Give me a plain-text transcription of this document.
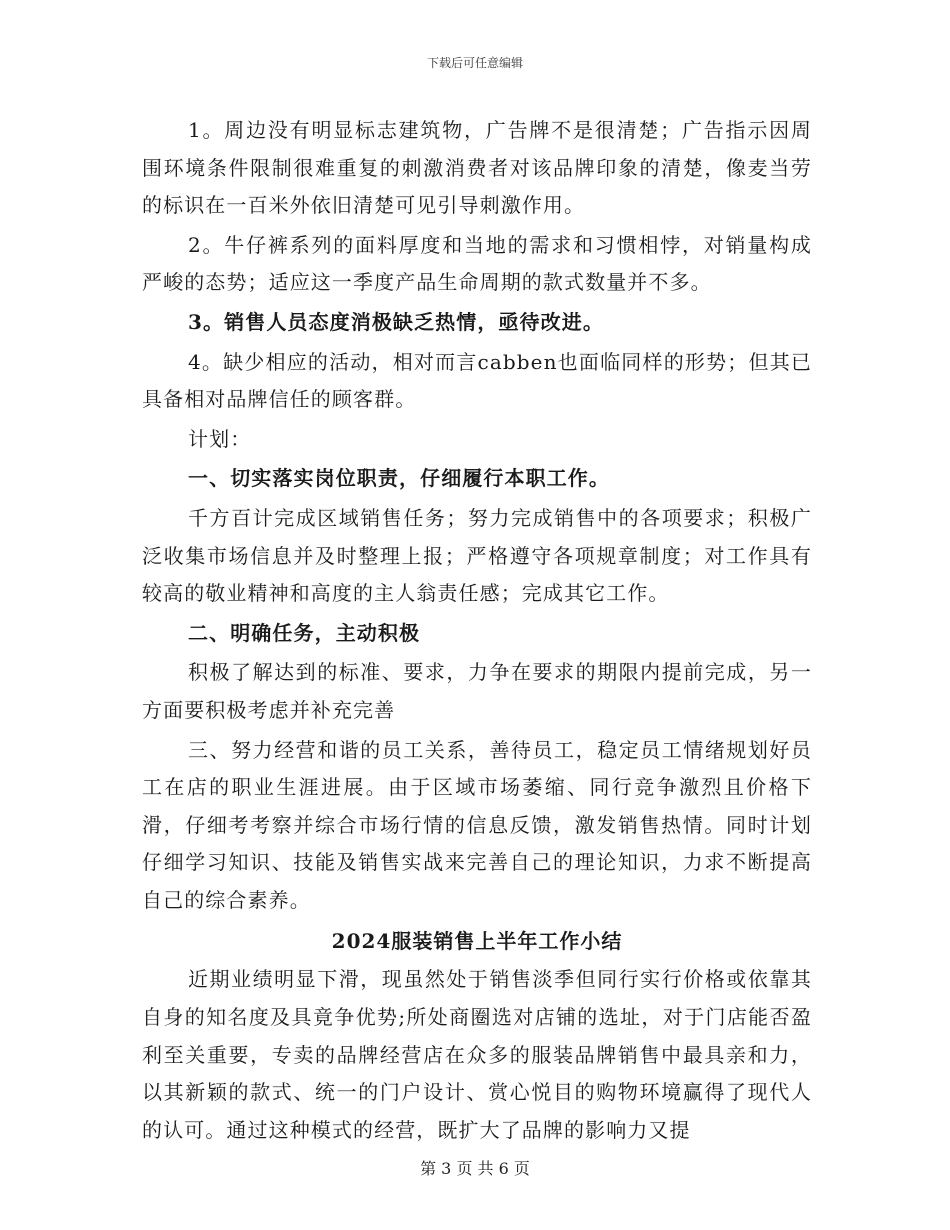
下载后可任意编辑

1。周边没有明显标志建筑物，广告牌不是很清楚；广告指示因周围环境条件限制很难重复的刺激消费者对该品牌印象的清楚，像麦当劳的标识在一百米外依旧清楚可见引导刺激作用。

2。牛仔裤系列的面料厚度和当地的需求和习惯相悖，对销量构成严峻的态势；适应这一季度产品生命周期的款式数量并不多。

3。销售人员态度消极缺乏热情，亟待改进。

4。缺少相应的活动，相对而言cabben也面临同样的形势；但其已具备相对品牌信任的顾客群。

计划：

一、切实落实岗位职责，仔细履行本职工作。

千方百计完成区域销售任务；努力完成销售中的各项要求；积极广泛收集市场信息并及时整理上报；严格遵守各项规章制度；对工作具有较高的敬业精神和高度的主人翁责任感；完成其它工作。

二、明确任务，主动积极

积极了解达到的标准、要求，力争在要求的期限内提前完成，另一方面要积极考虑并补充完善

三、努力经营和谐的员工关系，善待员工，稳定员工情绪规划好员工在店的职业生涯进展。由于区域市场萎缩、同行竞争激烈且价格下滑，仔细考考察并综合市场行情的信息反馈，激发销售热情。同时计划仔细学习知识、技能及销售实战来完善自己的理论知识，力求不断提高自己的综合素养。

2024服装销售上半年工作小结

近期业绩明显下滑，现虽然处于销售淡季但同行实行价格或依靠其自身的知名度及具竟争优势;所处商圈选对店铺的选址，对于门店能否盈利至关重要，专卖的品牌经营店在众多的服装品牌销售中最具亲和力，以其新颖的款式、统一的门户设计、赏心悦目的购物环境赢得了现代人的认可。通过这种模式的经营，既扩大了品牌的影响力又提

第 3 页 共 6 页
